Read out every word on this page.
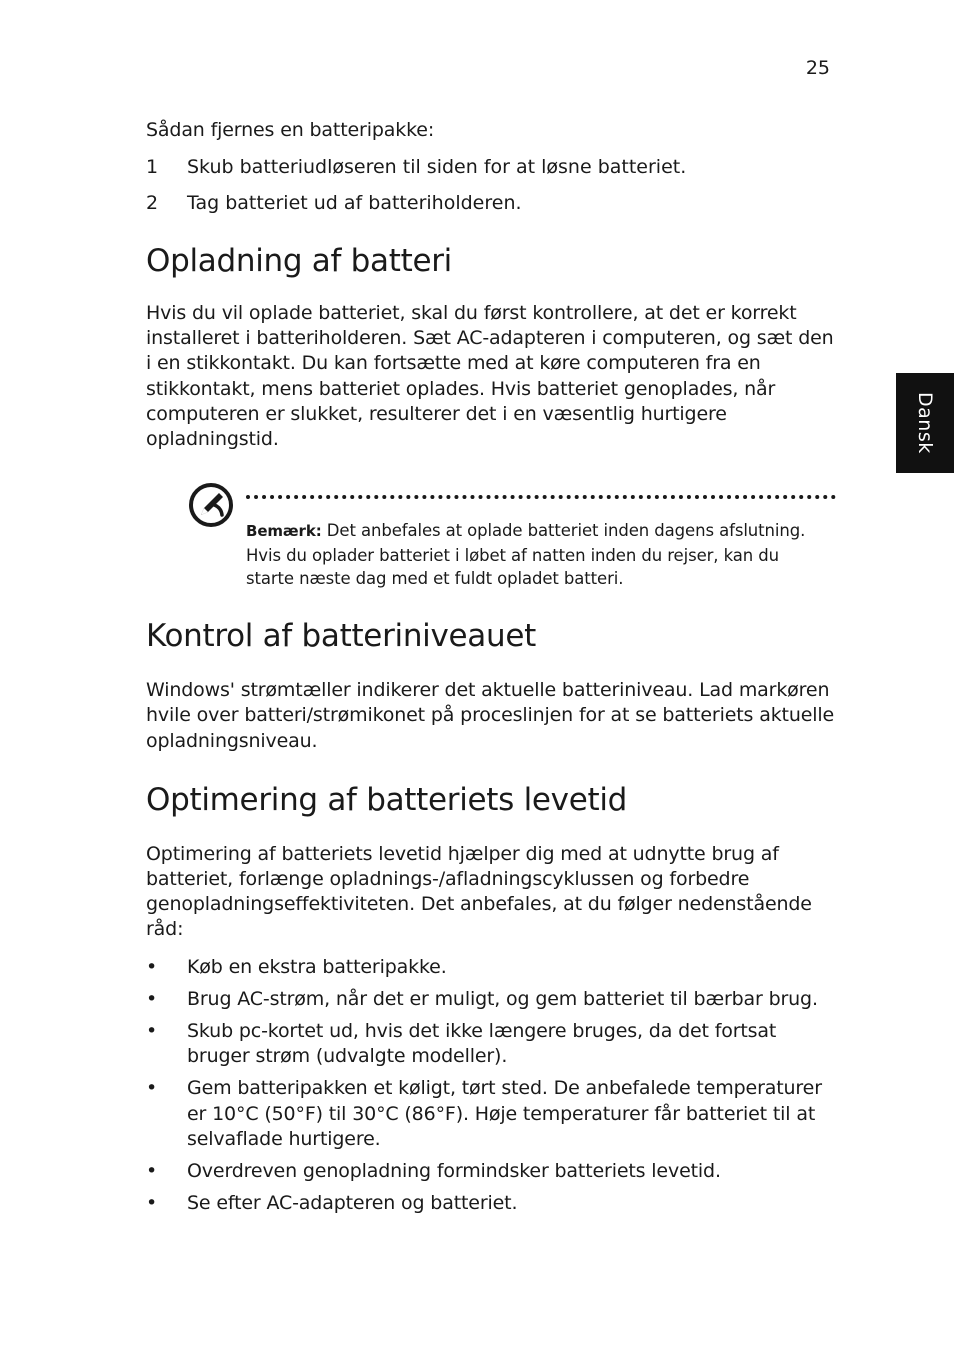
25
Dansk

Sådan fjernes en batteripakke:

1	Skub batteriudløseren til siden for at løsne batteriet.
2	Tag batteriet ud af batteriholderen.
Opladning af batteri

Hvis du vil oplade batteriet, skal du først kontrollere, at det er korrekt installeret i batteriholderen. Sæt AC-adapteren i computeren, og sæt den i en stikkontakt. Du kan fortsætte med at køre computeren fra en stikkontakt, mens batteriet oplades. Hvis batteriet genoplades, når computeren er slukket, resulterer det i en væsentlig hurtigere opladningstid.

Bemærk: Det anbefales at oplade batteriet inden dagens afslutning. Hvis du oplader batteriet i løbet af natten inden du rejser, kan du starte næste dag med et fuldt opladet batteri.
Kontrol af batteriniveauet

Windows' strømtæller indikerer det aktuelle batteriniveau. Lad markøren hvile over batteri/strømikonet på proceslinjen for at se batteriets aktuelle opladningsniveau.

Optimering af batteriets levetid

Optimering af batteriets levetid hjælper dig med at udnytte brug af batteriet, forlænge opladnings-/afladningscyklussen og forbedre genopladningseffektiviteten. Det anbefales, at du følger nedenstående råd:

•	Køb en ekstra batteripakke.
•	Brug AC-strøm, når det er muligt, og gem batteriet til bærbar brug.
•	Skub pc-kortet ud, hvis det ikke længere bruges, da det fortsat bruger strøm (udvalgte modeller).
•	Gem batteripakken et køligt, tørt sted. De anbefalede temperaturer er 10°C (50°F) til 30°C (86°F). Høje temperaturer får batteriet til at selvaflade hurtigere.
•	Overdreven genopladning formindsker batteriets levetid.
•	Se efter AC-adapteren og batteriet.
